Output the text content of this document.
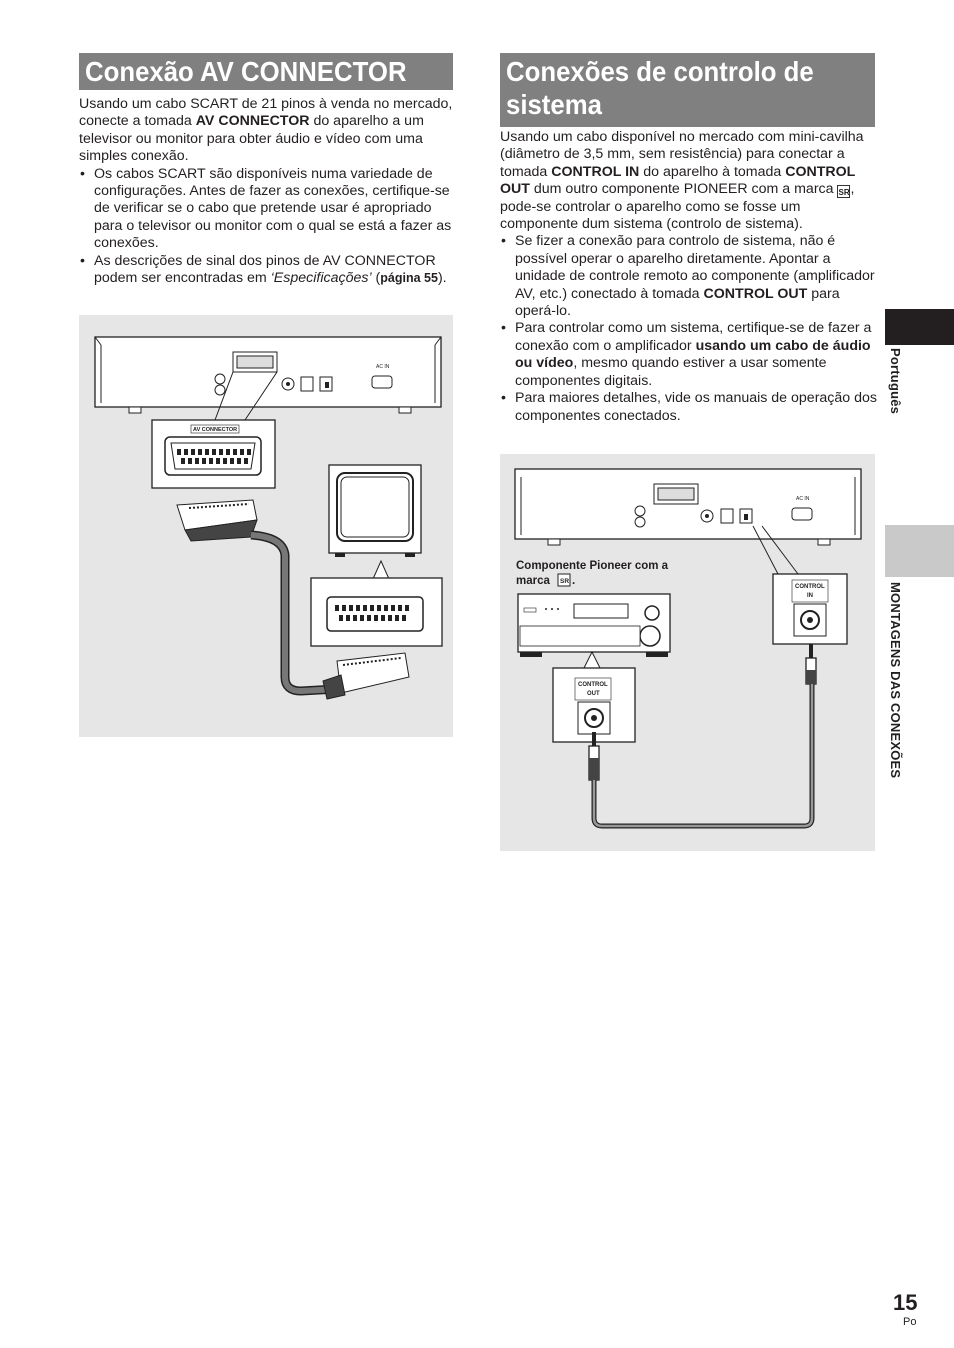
Conexão AV CONNECTOR

Usando um cabo SCART de 21 pinos à venda no mercado, conecte a tomada AV CONNECTOR do aparelho a um televisor ou monitor para obter áudio e vídeo com uma simples conexão.

• Os cabos SCART são disponíveis numa variedade de configurações. Antes de fazer as conexões, certifique-se de verificar se o cabo que pretende usar é apropriado para o televisor ou monitor com o qual se está a fazer as conexões.
• As descrições de sinal dos pinos de AV CONNECTOR podem ser encontradas em ‘Especificações’ (página 55).
AC IN
AV CONNECTOR
Conexões de controlo de
sistema

Usando um cabo disponível no mercado com mini-cavilha (diâmetro de 3,5 mm, sem resistência) para conectar a tomada CONTROL IN do aparelho à tomada CONTROL OUT dum outro componente PIONEER com a marca SR, pode-se controlar o aparelho como se fosse um componente dum sistema (controlo de sistema).

• Se fizer a conexão para controlo de sistema, não é possível operar o aparelho diretamente. Apontar a unidade de controle remoto ao componente (amplificador AV, etc.) conectado à tomada CONTROL OUT para operá-lo.
• Para controlar como um sistema, certifique-se de fazer a conexão com o amplificador usando um cabo de áudio ou vídeo, mesmo quando estiver a usar somente componentes digitais.
• Para maiores detalhes, vide os manuais de operação dos componentes conectados.
AC IN
CONTROL
IN
Componente Pioneer com a
marca SR .
CONTROL
OUT
Português
MONTAGENS DAS CONEXÕES
15
Po
